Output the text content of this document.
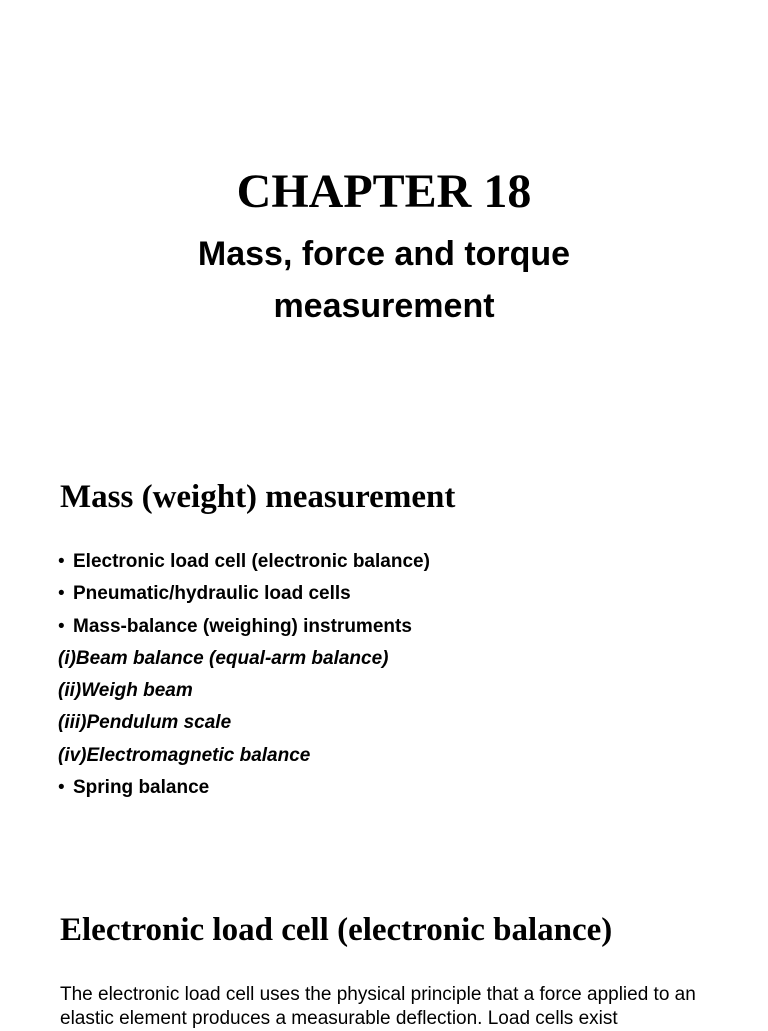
CHAPTER 18
Mass, force and torque
measurement
Mass (weight) measurement
• Electronic load cell (electronic balance)
• Pneumatic/hydraulic load cells
• Mass-balance (weighing) instruments
(i)Beam balance (equal-arm balance)
(ii)Weigh beam
(iii)Pendulum scale
(iv)Electromagnetic balance
• Spring balance
Electronic load cell (electronic balance)

The electronic load cell uses the physical principle that a force applied to an elastic element produces a measurable deflection. Load cells exist
